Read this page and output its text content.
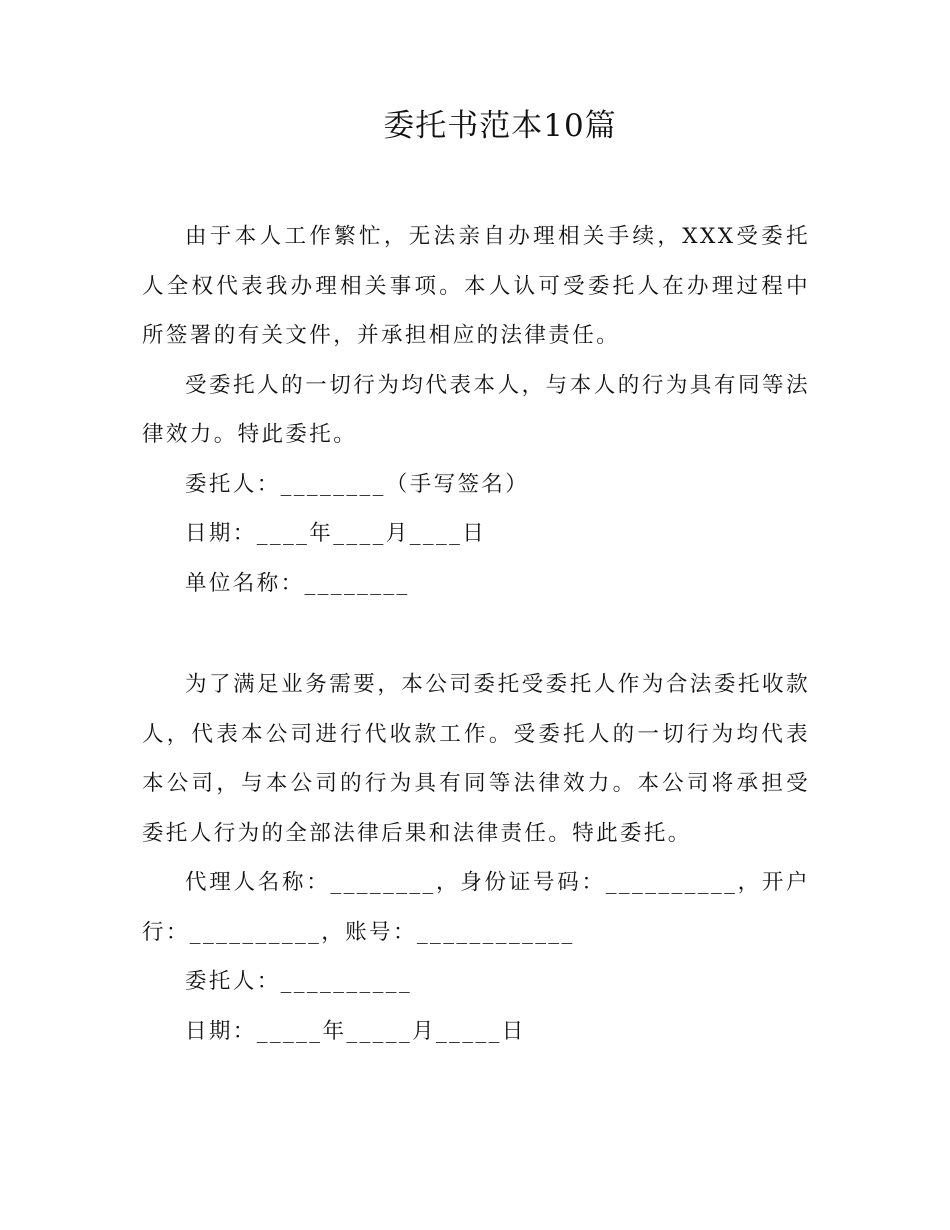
委托书范本10篇

由于本人工作繁忙，无法亲自办理相关手续，XXX受委托人全权代表我办理相关事项。本人认可受委托人在办理过程中所签署的有关文件，并承担相应的法律责任。

受委托人的一切行为均代表本人，与本人的行为具有同等法律效力。特此委托。

委托人：________（手写签名）

日期：____年____月____日

单位名称：________

为了满足业务需要，本公司委托受委托人作为合法委托收款人，代表本公司进行代收款工作。受委托人的一切行为均代表本公司，与本公司的行为具有同等法律效力。本公司将承担受委托人行为的全部法律后果和法律责任。特此委托。

代理人名称：________，身份证号码：__________，开户行：__________，账号：____________

委托人：__________

日期：_____年_____月_____日
